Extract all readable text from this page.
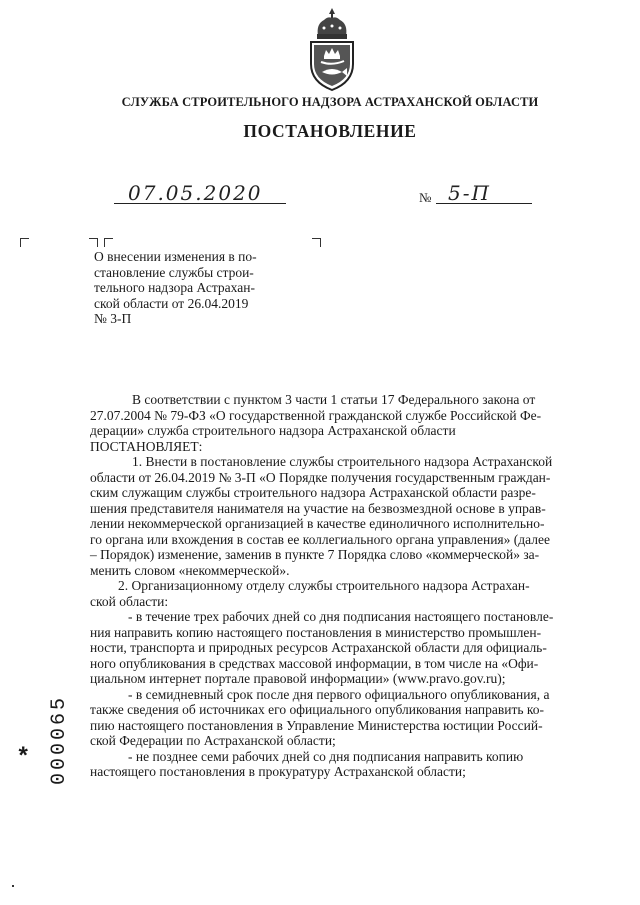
СЛУЖБА СТРОИТЕЛЬНОГО НАДЗОРА АСТРАХАНСКОЙ ОБЛАСТИ
ПОСТАНОВЛЕНИЕ
07.05.2020	№ 5-П
О внесении изменения в по-
становление службы строи-
тельного надзора Астрахан-
ской области от 26.04.2019
№ 3-П
В соответствии с пунктом 3 части 1 статьи 17 Федерального закона от
27.07.2004 № 79-ФЗ «О государственной гражданской службе Российской Фе-
дерации» служба строительного надзора Астраханской области
ПОСТАНОВЛЯЕТ:
1. Внести в постановление службы строительного надзора Астраханской
области от 26.04.2019 № 3-П «О Порядке получения государственным граждан-
ским служащим службы строительного надзора Астраханской области разре-
шения представителя нанимателя на участие на безвозмездной основе в управ-
лении некоммерческой организацией в качестве единоличного исполнительно-
го органа или вхождения в состав ее коллегиального органа управления» (далее
– Порядок) изменение, заменив в пункте 7 Порядка слово «коммерческой» за-
менить словом «некоммерческой».
2. Организационному отделу службы строительного надзора Астрахан-
ской области:
- в течение трех рабочих дней со дня подписания настоящего постановле-
ния направить копию настоящего постановления в министерство промышлен-
ности, транспорта и природных ресурсов Астраханской области для официаль-
ного опубликования в средствах массовой информации, в том числе на «Офи-
циальном интернет портале правовой информации» (www.pravo.gov.ru);
- в семидневный срок после дня первого официального опубликования, а
также сведения об источниках его официального опубликования направить ко-
пию настоящего постановления в Управление Министерства юстиции Россий-
ской Федерации по Астраханской области;
- не позднее семи рабочих дней со дня подписания направить копию
настоящего постановления в прокуратуру Астраханской области;
* 000065
